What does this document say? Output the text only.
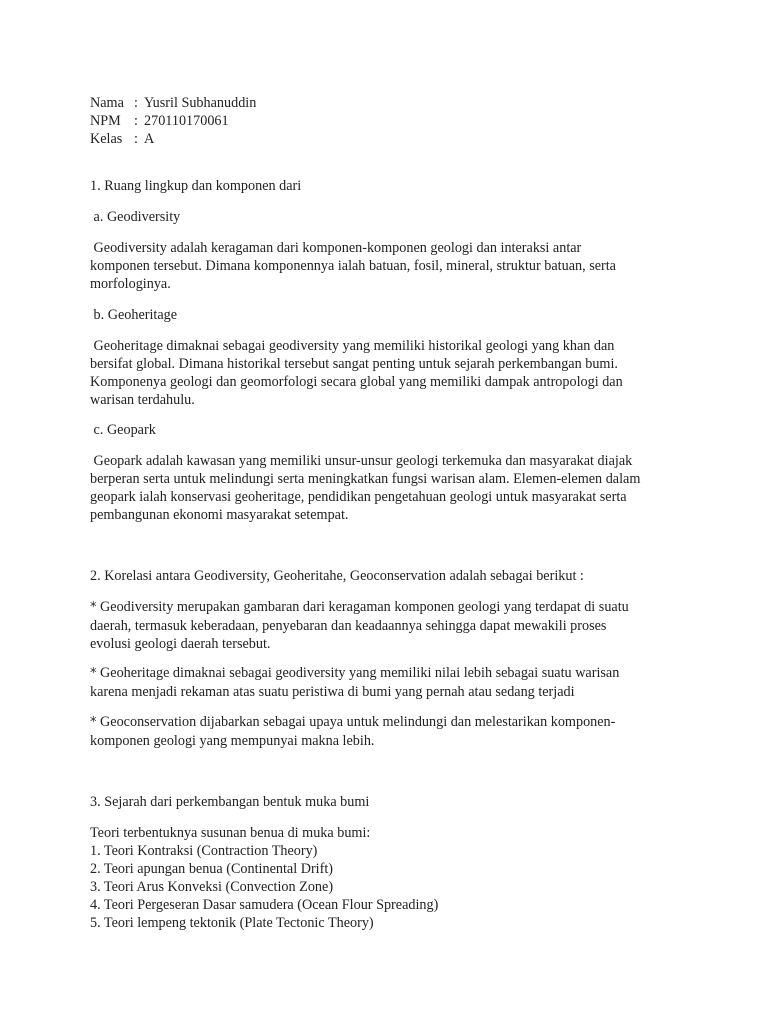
Nama : Yusril Subhanuddin
NPM : 270110170061
Kelas : A
1. Ruang lingkup dan komponen dari
a. Geodiversity
Geodiversity adalah keragaman dari komponen-komponen geologi dan interaksi antar
komponen tersebut. Dimana komponennya ialah batuan, fosil, mineral, struktur batuan, serta
morfologinya.
b. Geoheritage
Geoheritage dimaknai sebagai geodiversity yang memiliki historikal geologi yang khan dan
bersifat global. Dimana historikal tersebut sangat penting untuk sejarah perkembangan bumi.
Komponenya geologi dan geomorfologi secara global yang memiliki dampak antropologi dan
warisan terdahulu.
c. Geopark
Geopark adalah kawasan yang memiliki unsur-unsur geologi terkemuka dan masyarakat diajak
berperan serta untuk melindungi serta meningkatkan fungsi warisan alam. Elemen-elemen dalam
geopark ialah konservasi geoheritage, pendidikan pengetahuan geologi untuk masyarakat serta
pembangunan ekonomi masyarakat setempat.
2. Korelasi antara Geodiversity, Geoheritahe, Geoconservation adalah sebagai berikut :
* Geodiversity merupakan gambaran dari keragaman komponen geologi yang terdapat di suatu
daerah, termasuk keberadaan, penyebaran dan keadaannya sehingga dapat mewakili proses
evolusi geologi daerah tersebut.
* Geoheritage dimaknai sebagai geodiversity yang memiliki nilai lebih sebagai suatu warisan
karena menjadi rekaman atas suatu peristiwa di bumi yang pernah atau sedang terjadi
* Geoconservation dijabarkan sebagai upaya untuk melindungi dan melestarikan komponen-
komponen geologi yang mempunyai makna lebih.
3. Sejarah dari perkembangan bentuk muka bumi
Teori terbentuknya susunan benua di muka bumi:
1. Teori Kontraksi (Contraction Theory)
2. Teori apungan benua (Continental Drift)
3. Teori Arus Konveksi (Convection Zone)
4. Teori Pergeseran Dasar samudera (Ocean Flour Spreading)
5. Teori lempeng tektonik (Plate Tectonic Theory)
